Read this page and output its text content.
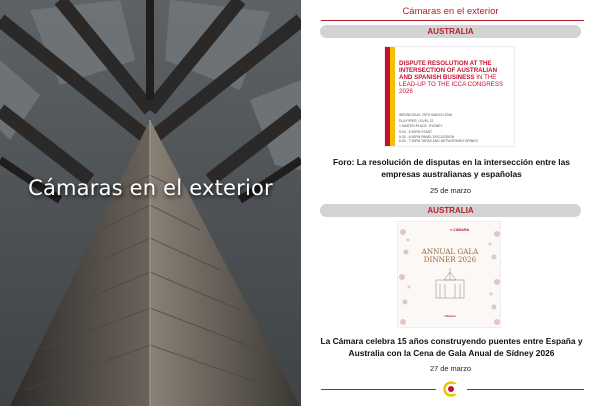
Cámaras en el exterior
Cámaras en el exterior
AUSTRALIA
DISPUTE RESOLUTION AT THE INTERSECTION OF AUSTRALIAN AND SPANISH BUSINESS IN THE LEAD-UP TO THE ICCA CONGRESS 2026
WEDNESDAY, 25TH MARCH 2026
DLA PIPER, LEVEL 22
1 MARTIN PLACE, SYDNEY
5:00 - 5:30PM START
5:30 - 6:30PM PANEL DISCUSSION
6:30 - 7:30PM TAPAS AND NETWORKING DRINKS
Foro: La resolución de disputas en la intersección entre las empresas australianas y españolas
25 de marzo
AUSTRALIA
● CÁMARA
ANNUAL GALA DINNER 2026
Cámara
La Cámara celebra 15 años construyendo puentes entre España y Australia con la Cena de Gala Anual de Sídney 2026
27 de marzo
